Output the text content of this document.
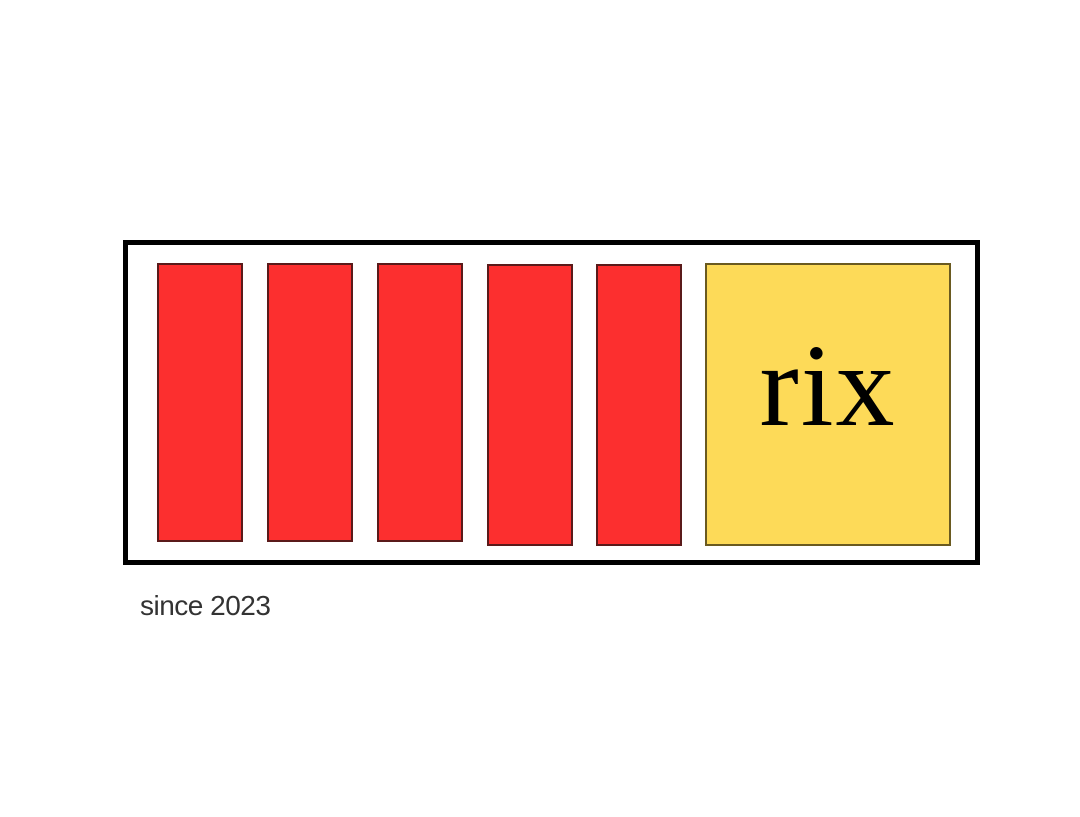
rix
since 2023
